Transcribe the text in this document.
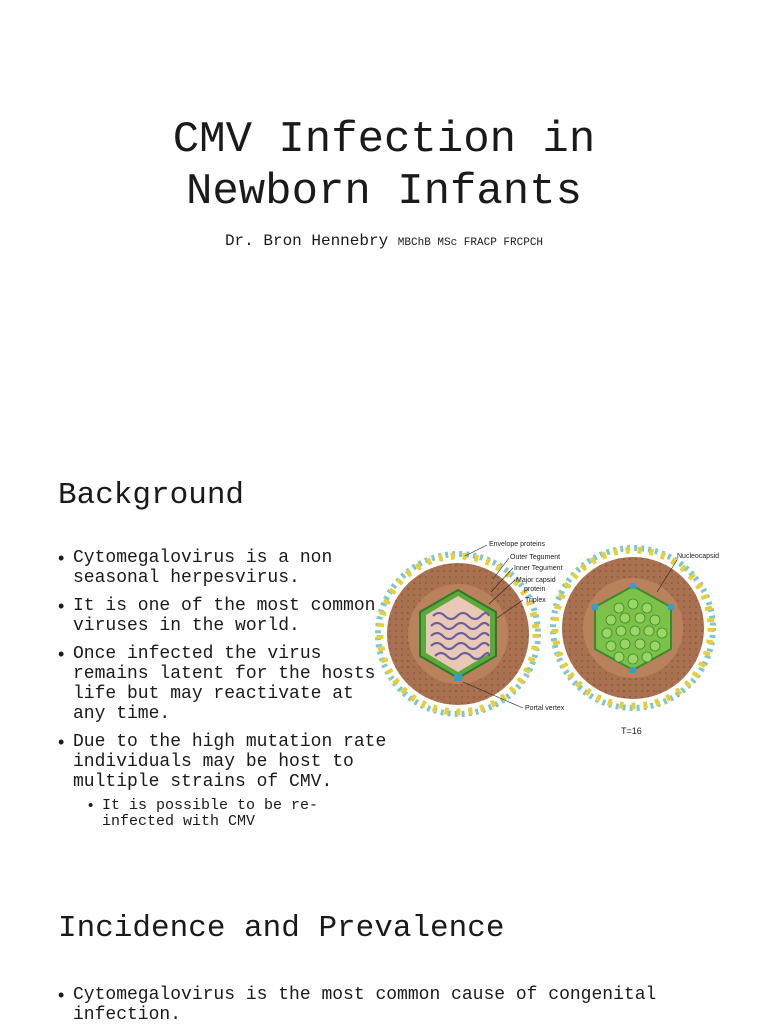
CMV Infection in
Newborn Infants
Dr. Bron Hennebry MBChB MSc FRACP FRCPCH
Background
• Cytomegalovirus is a non seasonal herpesvirus.
• It is one of the most common viruses in the world.
• Once infected the virus remains latent for the hosts life but may reactivate at any time.
• Due to the high mutation rate individuals may be host to multiple strains of CMV.
• It is possible to be re-infected with CMV
Envelope proteins
Outer Tegument
Inner Tegument
Major capsid
protein
Triplex
Portal vertex
Nucleocapsid
T=16
Incidence and Prevalence
• Cytomegalovirus is the most common cause of congenital infection.
